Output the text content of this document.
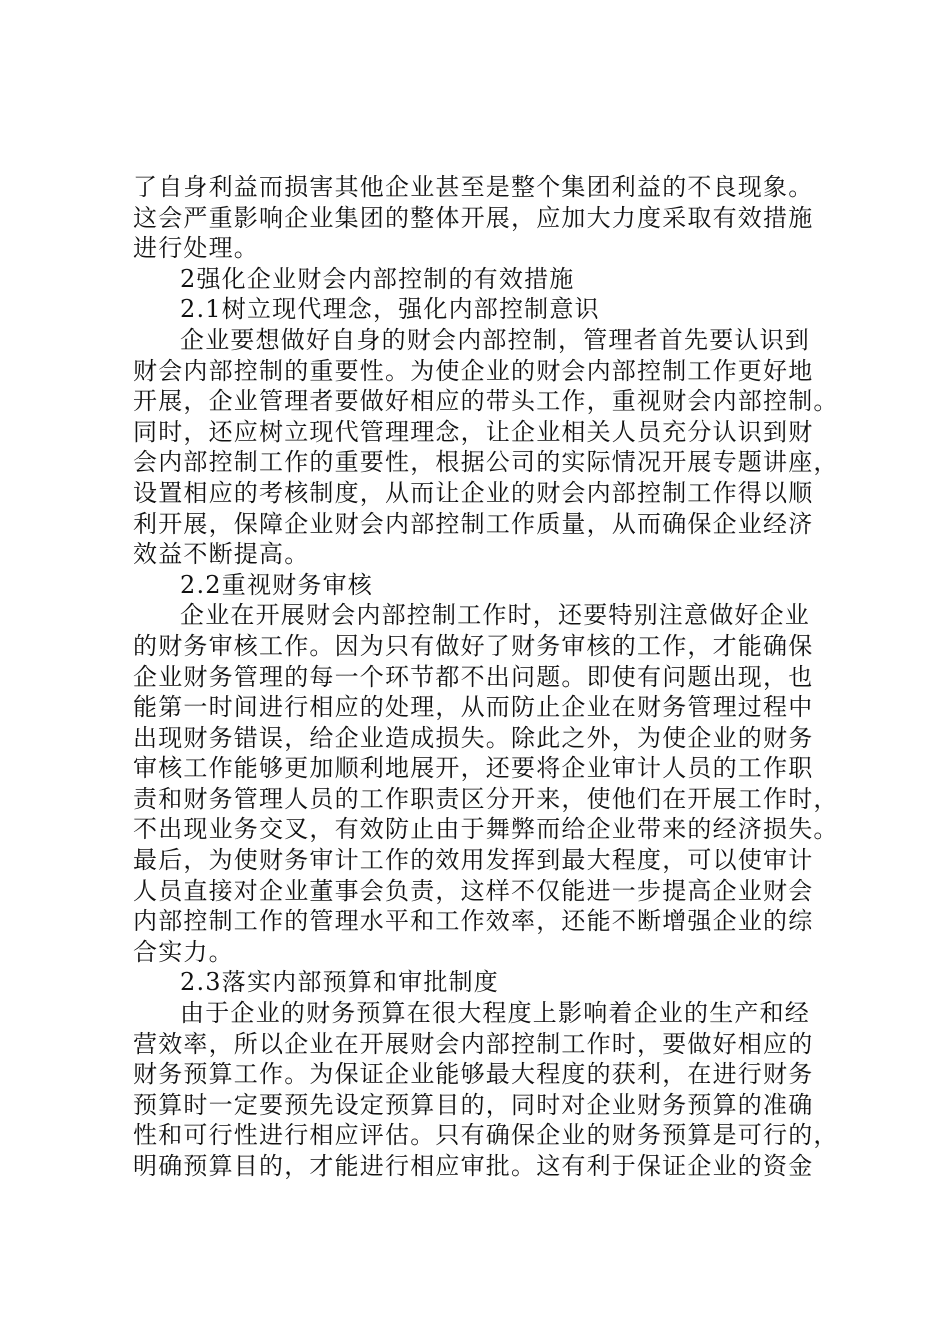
了自身利益而损害其他企业甚至是整个集团利益的不良现象。
这会严重影响企业集团的整体开展，应加大力度采取有效措施
进行处理。
2强化企业财会内部控制的有效措施
2.1树立现代理念，强化内部控制意识
企业要想做好自身的财会内部控制，管理者首先要认识到
财会内部控制的重要性。为使企业的财会内部控制工作更好地
开展，企业管理者要做好相应的带头工作，重视财会内部控制。
同时，还应树立现代管理理念，让企业相关人员充分认识到财
会内部控制工作的重要性，根据公司的实际情况开展专题讲座，
设置相应的考核制度，从而让企业的财会内部控制工作得以顺
利开展，保障企业财会内部控制工作质量，从而确保企业经济
效益不断提高。
2.2重视财务审核
企业在开展财会内部控制工作时，还要特别注意做好企业
的财务审核工作。因为只有做好了财务审核的工作，才能确保
企业财务管理的每一个环节都不出问题。即使有问题出现，也
能第一时间进行相应的处理，从而防止企业在财务管理过程中
出现财务错误，给企业造成损失。除此之外，为使企业的财务
审核工作能够更加顺利地展开，还要将企业审计人员的工作职
责和财务管理人员的工作职责区分开来，使他们在开展工作时，
不出现业务交叉，有效防止由于舞弊而给企业带来的经济损失。
最后，为使财务审计工作的效用发挥到最大程度，可以使审计
人员直接对企业董事会负责，这样不仅能进一步提高企业财会
内部控制工作的管理水平和工作效率，还能不断增强企业的综
合实力。
2.3落实内部预算和审批制度
由于企业的财务预算在很大程度上影响着企业的生产和经
营效率，所以企业在开展财会内部控制工作时，要做好相应的
财务预算工作。为保证企业能够最大程度的获利，在进行财务
预算时一定要预先设定预算目的，同时对企业财务预算的准确
性和可行性进行相应评估。只有确保企业的财务预算是可行的，
明确预算目的，才能进行相应审批。这有利于保证企业的资金
